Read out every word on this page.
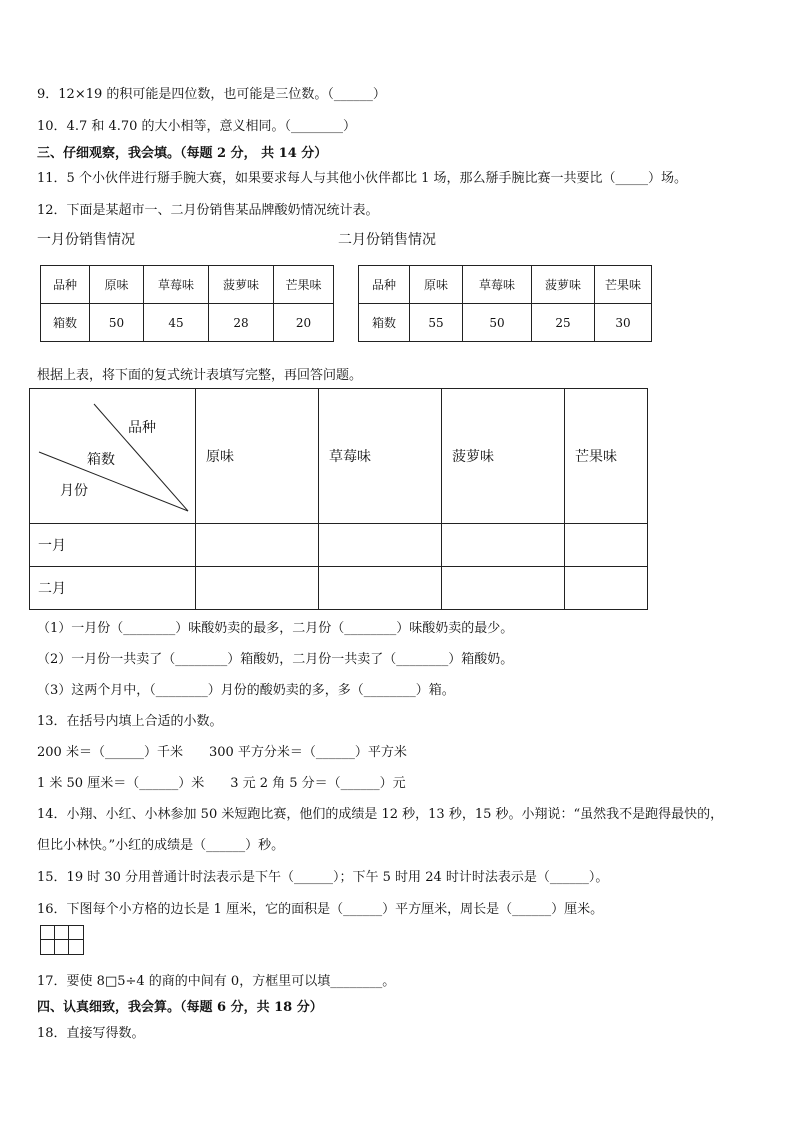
9．12×19 的积可能是四位数，也可能是三位数。（______）
10．4.7 和 4.70 的大小相等，意义相同。（________）
三、仔细观察，我会填。（每题 2 分， 共 14 分）
11．5 个小伙伴进行掰手腕大赛，如果要求每人与其他小伙伴都比 1 场，那么掰手腕比赛一共要比（_____）场。
12．下面是某超市一、二月份销售某品牌酸奶情况统计表。
一月份销售情况	二月份销售情况
品种	原味	草莓味	菠萝味	芒果味
箱数	50	45	28	20
品种	原味	草莓味	菠萝味	芒果味
箱数	55	50	25	30
根据上表，将下面的复式统计表填写完整，再回答问题。
品种
箱数
月份	原味	草莓味	菠萝味	芒果味
一月				
二月				
（1）一月份（________）味酸奶卖的最多，二月份（________）味酸奶卖的最少。
（2）一月份一共卖了（________）箱酸奶，二月份一共卖了（________）箱酸奶。
（3）这两个月中，（________）月份的酸奶卖的多，多（________）箱。
13．在括号内填上合适的小数。
200 米＝（______）千米　　300 平方分米＝（______）平方米
1 米 50 厘米＝（______）米　　3 元 2 角 5 分＝（______）元
14．小翔、小红、小林参加 50 米短跑比赛，他们的成绩是 12 秒，13 秒，15 秒。小翔说：“虽然我不是跑得最快的，
但比小林快。”小红的成绩是（______）秒。
15．19 时 30 分用普通计时法表示是下午（______）；下午 5 时用 24 时计时法表示是（______）。
16．下图每个小方格的边长是 1 厘米，它的面积是（______）平方厘米，周长是（______）厘米。
17．要使 8□5÷4 的商的中间有 0，方框里可以填________。
四、认真细致，我会算。（每题 6 分，共 18 分）
18．直接写得数。
